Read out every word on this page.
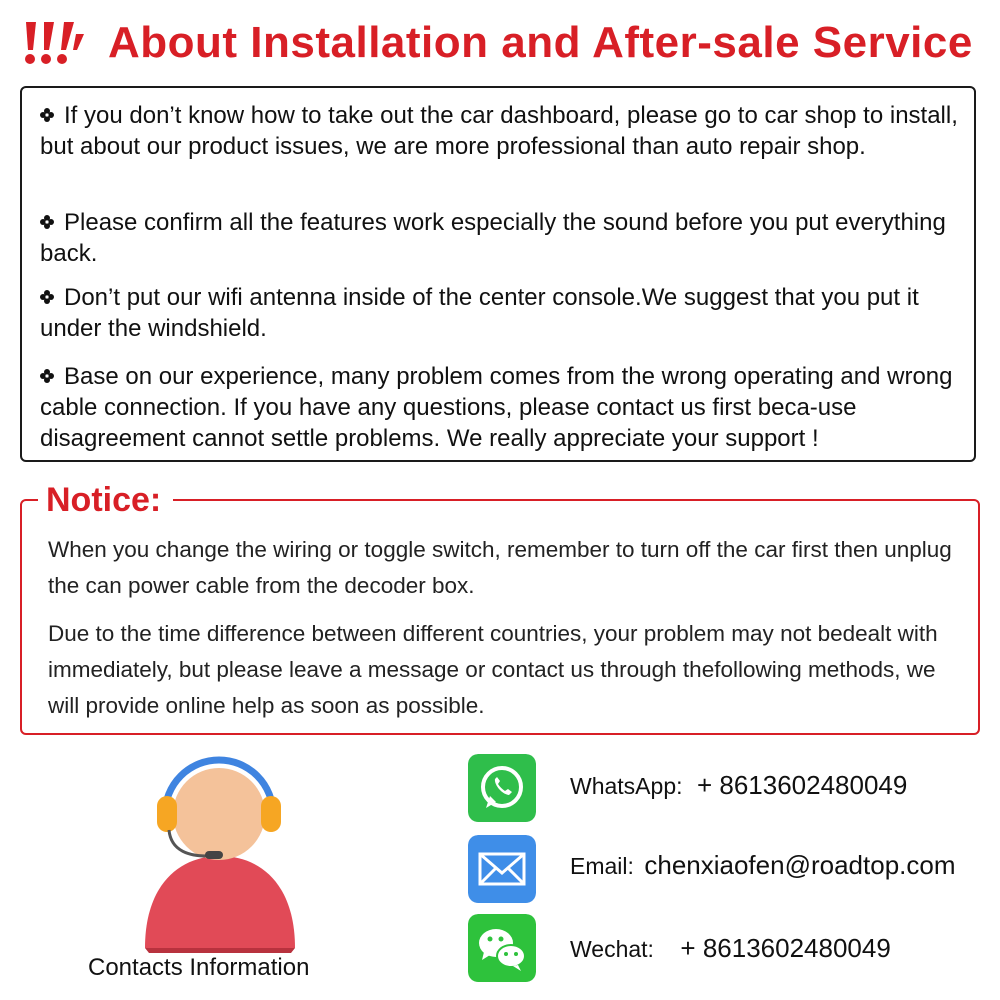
About Installation and After-sale Service
If you don’t know how to take out the car dashboard, please go to car shop to install, but about our product issues, we are more professional than auto repair shop.
Please confirm all the features work especially the sound before you put everything back.
Don’t put our wifi antenna inside of the center console.We suggest that you put it under the windshield.
Base on our experience, many problem comes from the wrong operating and wrong cable connection. If you have any questions, please contact us first beca-use disagreement cannot settle problems. We really appreciate your support !
Notice:
When you change the wiring or toggle switch, remember to turn off the car first then unplug the can power cable from the decoder box.
Due to the time difference between different countries, your problem may not bedealt with immediately, but please leave a message or contact us through thefollowing methods, we will provide online help as soon as possible.
Contacts Information
WhatsApp: + 8613602480049
Email: chenxiaofen@roadtop.com
Wechat: + 8613602480049
